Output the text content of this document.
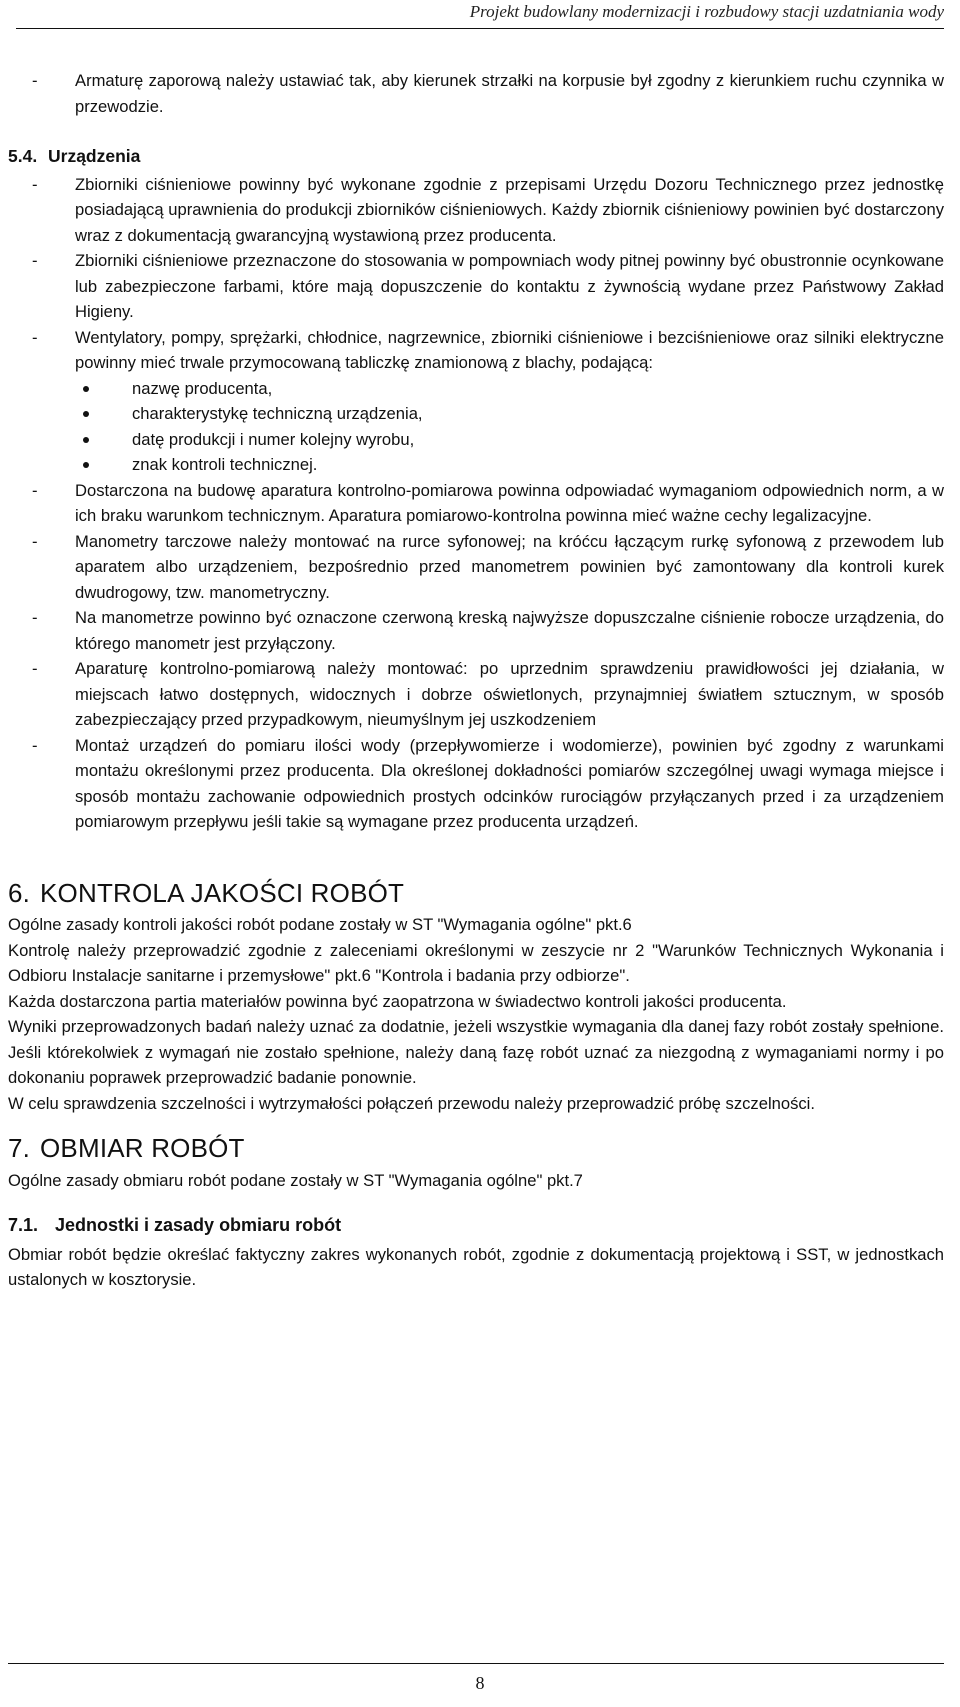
Projekt budowlany modernizacji i rozbudowy stacji uzdatniania wody
- Armaturę zaporową należy ustawiać tak, aby kierunek strzałki na korpusie był zgodny z kierunkiem ruchu czynnika w przewodzie.
5.4. Urządzenia
- Zbiorniki ciśnieniowe powinny być wykonane zgodnie z przepisami Urzędu Dozoru Technicznego przez jednostkę posiadającą uprawnienia do produkcji zbiorników ciśnieniowych. Każdy zbiornik ciśnieniowy powinien być dostarczony wraz z dokumentacją gwarancyjną wystawioną przez producenta.
- Zbiorniki ciśnieniowe przeznaczone do stosowania w pompowniach wody pitnej powinny być obustronnie ocynkowane lub zabezpieczone farbami, które mają dopuszczenie do kontaktu z żywnością wydane przez Państwowy Zakład Higieny.
- Wentylatory, pompy, sprężarki, chłodnice, nagrzewnice, zbiorniki ciśnieniowe i bezciśnieniowe oraz silniki elektryczne powinny mieć trwale przymocowaną tabliczkę znamionową z blachy, podającą:
nazwę producenta,
charakterystykę techniczną urządzenia,
datę produkcji i numer kolejny wyrobu,
znak kontroli technicznej.
- Dostarczona na budowę aparatura kontrolno-pomiarowa powinna odpowiadać wymaganiom odpowiednich norm, a w ich braku warunkom technicznym. Aparatura pomiarowo-kontrolna powinna mieć ważne cechy legalizacyjne.
- Manometry tarczowe należy montować na rurce syfonowej; na króćcu łączącym rurkę syfonową z przewodem lub aparatem albo urządzeniem, bezpośrednio przed manometrem powinien być zamontowany dla kontroli kurek dwudrogowy, tzw. manometryczny.
- Na manometrze powinno być oznaczone czerwoną kreską najwyższe dopuszczalne ciśnienie robocze urządzenia, do którego manometr jest przyłączony.
- Aparaturę kontrolno-pomiarową należy montować: po uprzednim sprawdzeniu prawidłowości jej działania, w miejscach łatwo dostępnych, widocznych i dobrze oświetlonych, przynajmniej światłem sztucznym, w sposób zabezpieczający przed przypadkowym, nieumyślnym jej uszkodzeniem
- Montaż urządzeń do pomiaru ilości wody (przepływomierze i wodomierze), powinien być zgodny z warunkami montażu określonymi przez producenta. Dla określonej dokładności pomiarów szczególnej uwagi wymaga miejsce i sposób montażu zachowanie odpowiednich prostych odcinków rurociągów przyłączanych przed i za urządzeniem pomiarowym przepływu jeśli takie są wymagane przez producenta urządzeń.
6. KONTROLA JAKOŚCI ROBÓT

Ogólne zasady kontroli jakości robót podane zostały w ST "Wymagania ogólne" pkt.6

Kontrolę należy przeprowadzić zgodnie z zaleceniami określonymi w zeszycie nr 2 "Warunków Technicznych Wykonania i Odbioru Instalacje sanitarne i przemysłowe" pkt.6 "Kontrola i badania przy odbiorze".

Każda dostarczona partia materiałów powinna być zaopatrzona w świadectwo kontroli jakości producenta.

Wyniki przeprowadzonych badań należy uznać za dodatnie, jeżeli wszystkie wymagania dla danej fazy robót zostały spełnione. Jeśli którekolwiek z wymagań nie zostało spełnione, należy daną fazę robót uznać za niezgodną z wymaganiami normy i po dokonaniu poprawek przeprowadzić badanie ponownie.

W celu sprawdzenia szczelności i wytrzymałości połączeń przewodu należy przeprowadzić próbę szczelności.

7. OBMIAR ROBÓT

Ogólne zasady obmiaru robót podane zostały w ST "Wymagania ogólne" pkt.7

7.1. Jednostki i zasady obmiaru robót

Obmiar robót będzie określać faktyczny zakres wykonanych robót, zgodnie z dokumentacją projektową i SST, w jednostkach ustalonych w kosztorysie.

8
